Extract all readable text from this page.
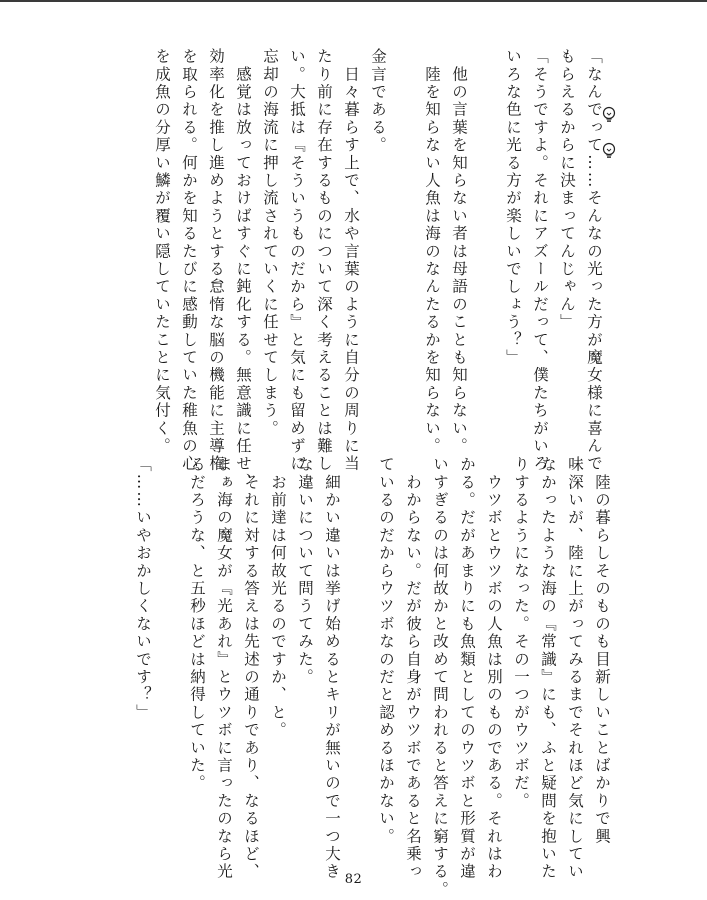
「なんでって……そんなの光った方が魔女様に喜んで
もらえるからに決まってんじゃん」
「そうですよ。それにアズールだって、僕たちがいろ
いろな色に光る方が楽しいでしょう？」

　他の言葉を知らない者は母語のことも知らない。
　陸を知らない人魚は海のなんたるかを知らない。

金言である。
　日々暮らす上で、水や言葉のように自分の周りに当
たり前に存在するものについて深く考えることは難し
い。大抵は『そういうものだから』と気にも留めずに
忘却の海流に押し流されていくに任せてしまう。
　感覚は放っておけばすぐに鈍化する。無意識に任せ、
効率化を推し進めようとする怠惰な脳の機能に主導権
を取られる。何かを知るたびに感動していた稚魚の心
を成魚の分厚い鱗が覆い隠していたことに気付く。
　陸の暮らしそのものも目新しいことばかりで興
味深いが、陸に上がってみるまでそれほど気にしてい
なかったような海の『常識』にも、ふと疑問を抱いた
りするようになった。その一つがウツボだ。
　ウツボとウツボの人魚は別のものである。それはわ
かる。だがあまりにも魚類としてのウツボと形質が違
いすぎるのは何故かと改めて問われると答えに窮する。
　わからない。だが彼ら自身がウツボであると名乗っ
ているのだからウツボなのだと認めるほかない。

　細かい違いは挙げ始めるとキリが無いので一つ大き
な違いについて問うてみた。
　お前達は何故光るのですか、と。
　それに対する答えは先述の通りであり、なるほど、
まぁ海の魔女が『光あれ』とウツボに言ったのなら光
るだろうな、と五秒ほどは納得していた。

「……いやおかしくないです？」
82
